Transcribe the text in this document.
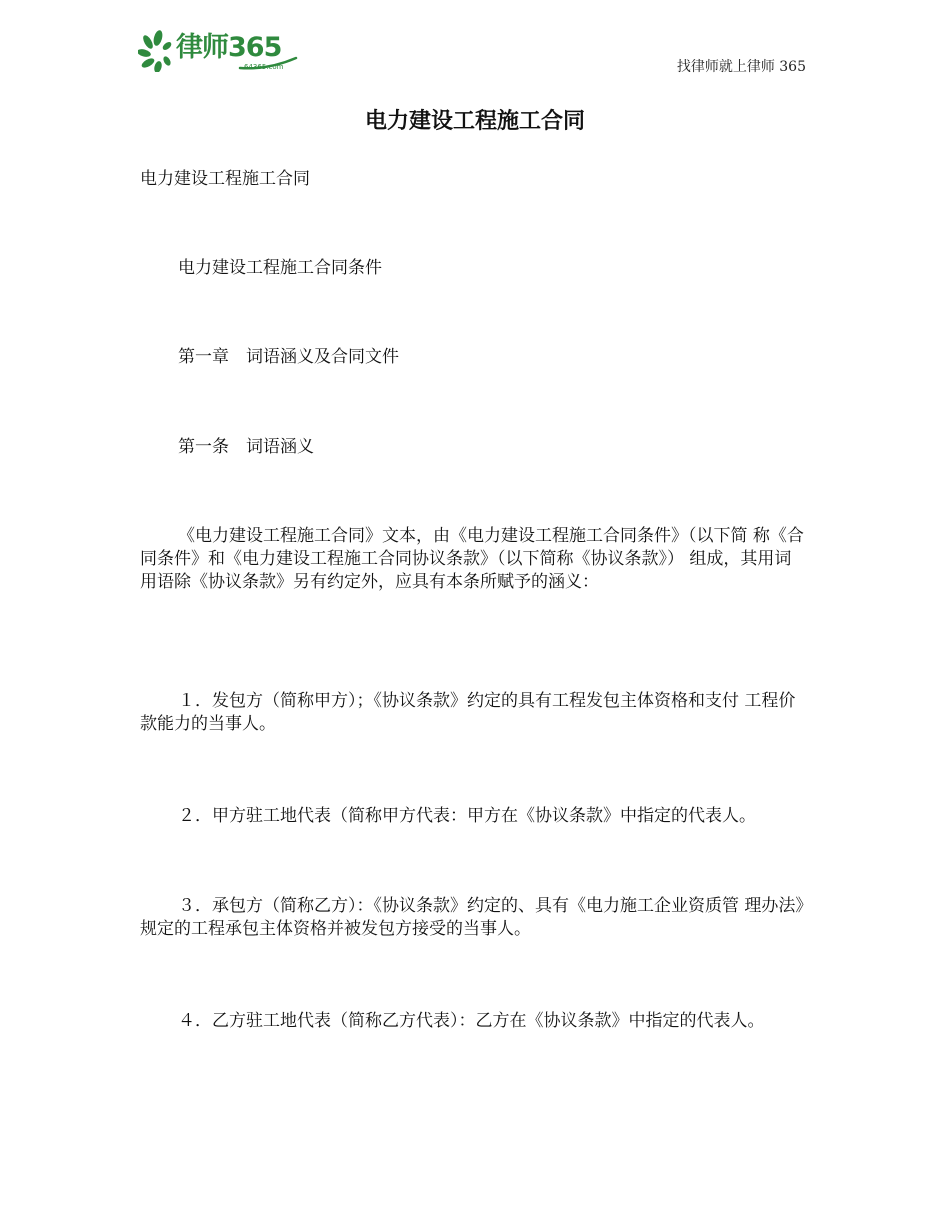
律师365
64365.com	找律师就上律师 365
电力建设工程施工合同
电力建设工程施工合同
电力建设工程施工合同条件
第一章　词语涵义及合同文件
第一条　词语涵义
《电力建设工程施工合同》文本，由《电力建设工程施工合同条件》（以下简 称《合同条件》和《电力建设工程施工合同协议条款》（以下简称《协议条款》） 组成，其用词用语除《协议条款》另有约定外，应具有本条所赋予的涵义：
１．发包方（简称甲方）；《协议条款》约定的具有工程发包主体资格和支付 工程价款能力的当事人。
２．甲方驻工地代表（简称甲方代表：甲方在《协议条款》中指定的代表人。
３．承包方（简称乙方）：《协议条款》约定的、具有《电力施工企业资质管 理办法》规定的工程承包主体资格并被发包方接受的当事人。
４．乙方驻工地代表（简称乙方代表）：乙方在《协议条款》中指定的代表人。
